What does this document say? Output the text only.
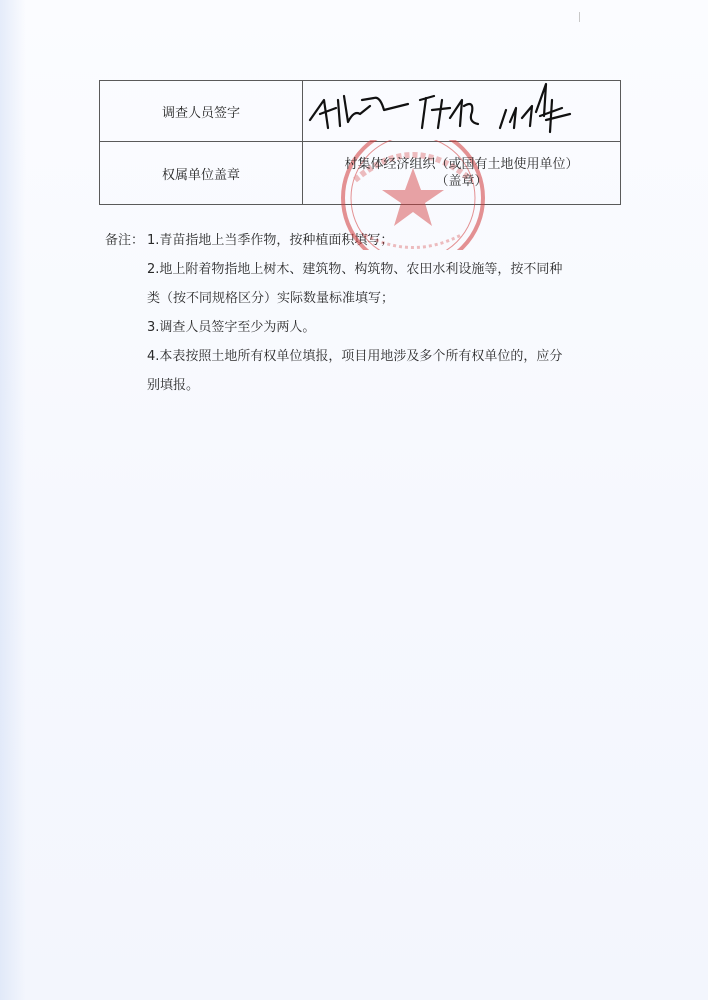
调查人员签字	
权属单位盖章	村集体经济组织（或国有土地使用单位）
（盖章）
备注： 1.青苗指地上当季作物，按种植面积填写；
2.地上附着物指地上树木、建筑物、构筑物、农田水利设施等，按不同种
类（按不同规格区分）实际数量标准填写；
3.调查人员签字至少为两人。
4.本表按照土地所有权单位填报，项目用地涉及多个所有权单位的，应分
别填报。
